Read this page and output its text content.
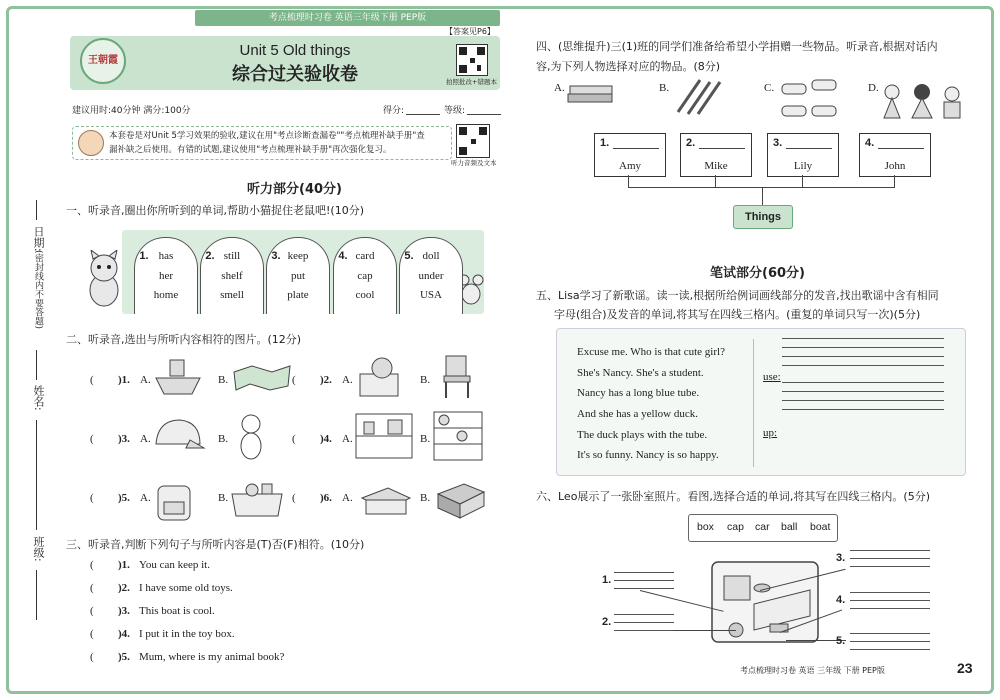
考点梳理时习卷 英语三年级下册 PEP版
日期:
(密封线内不要答题)
姓名:
班级:
王朝霞
Unit 5 Old things
综合过关验收卷
【答案见P6】
拍照批改+错题本
建议用时:40分钟 满分:100分	得分:	等级:
本套卷是对Unit 5学习效果的验收,建议在用"考点诊断查漏卷""考点梳理补缺手册"查
漏补缺之后使用。有错的试题,建议使用"考点梳理补缺手册"再次强化复习。
听力音频及文本
听力部分(40分)
一、听录音,圈出你所听到的单词,帮助小猫捉住老鼠吧!(10分)
1. has
her
home
2. still
shelf
smell
3. keep
put
plate
4. card
cap
cool
5. doll
under
USA
二、听录音,选出与所听内容相符的图片。(12分)
( )1. A.	B.	( )2. A.	B.
( )3. A.	B.	( )4. A.	B.
( )5. A.	B.	( )6. A.	B.
三、听录音,判断下列句子与所听内容是(T)否(F)相符。(10分)
( )1. You can keep it.
( )2. I have some old toys.
( )3. This boat is cool.
( )4. I put it in the toy box.
( )5. Mum, where is my animal book?
四、(思维提升)三(1)班的同学们准备给希望小学捐赠一些物品。听录音,根据对话内
容,为下列人物选择对应的物品。(8分)
A.	B.	C.	D.
1.
Amy
2.
Mike
3.
Lily
4.
John
Things
笔试部分(60分)
五、Lisa学习了新歌谣。读一读,根据所给例词画线部分的发音,找出歌谣中含有相同
字母(组合)及发音的单词,将其写在四线三格内。(重复的单词只写一次)(5分)
Excuse me. Who is that cute girl?
She's Nancy. She's a student.
Nancy has a long blue tube.
And she has a yellow duck.
The duck plays with the tube.
It's so funny. Nancy is so happy.
use:
up:
六、Leo展示了一张卧室照片。看图,选择合适的单词,将其写在四线三格内。(5分)
box cap car ball boat
1.
2.
3.
4.
5.
考点梳理时习卷 英语 三年级 下册 PEP版	23
